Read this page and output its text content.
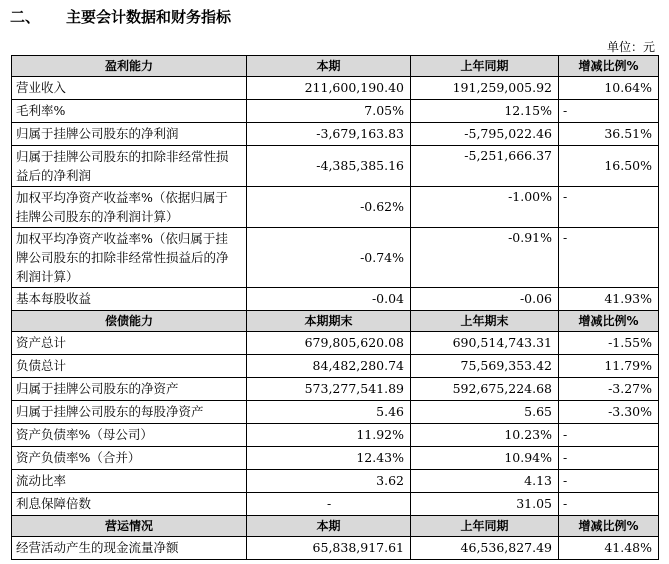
二、 主要会计数据和财务指标
单位：元
盈利能力	本期	上年同期	增减比例%
营业收入	211,600,190.40	191,259,005.92	10.64%
毛利率%	7.05%	12.15%	-
归属于挂牌公司股东的净利润	-3,679,163.83	-5,795,022.46	36.51%
归属于挂牌公司股东的扣除非经常性损益后的净利润	-4,385,385.16	-5,251,666.37	16.50%
加权平均净资产收益率%（依据归属于挂牌公司股东的净利润计算）	-0.62%	-1.00%	-
加权平均净资产收益率%（依归属于挂牌公司股东的扣除非经常性损益后的净利润计算）	-0.74%	-0.91%	-
基本每股收益	-0.04	-0.06	41.93%
偿债能力	本期期末	上年期末	增减比例%
资产总计	679,805,620.08	690,514,743.31	-1.55%
负债总计	84,482,280.74	75,569,353.42	11.79%
归属于挂牌公司股东的净资产	573,277,541.89	592,675,224.68	-3.27%
归属于挂牌公司股东的每股净资产	5.46	5.65	-3.30%
资产负债率%（母公司）	11.92%	10.23%	-
资产负债率%（合并）	12.43%	10.94%	-
流动比率	3.62	4.13	-
利息保障倍数	-	31.05	-
营运情况	本期	上年同期	增减比例%
经营活动产生的现金流量净额	65,838,917.61	46,536,827.49	41.48%
